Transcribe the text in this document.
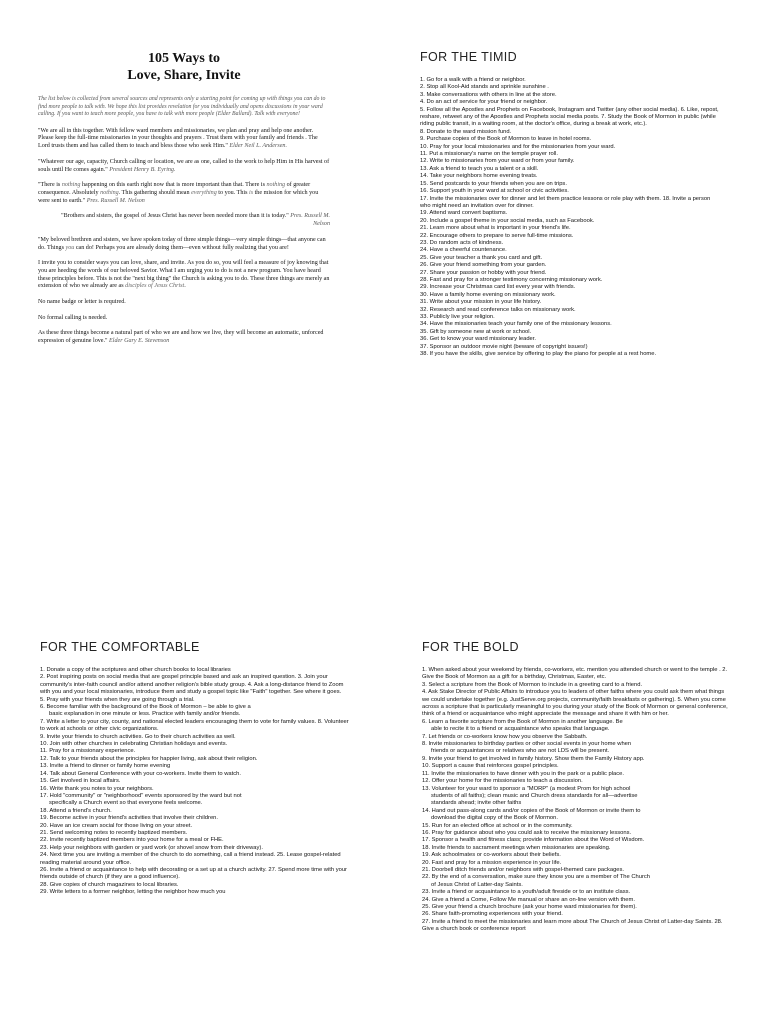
105 Ways to
Love, Share, Invite

The list below is collected from several sources and represents only a starting point for coming up with things you can do to find more people to talk with. We hope this list provides revelation for you individually and opens discussions in your ward calling. If you want to teach more people, you have to talk with more people (Elder Ballard). Talk with everyone!

"We are all in this together. With fellow ward members and missionaries, we plan and pray and help one another. Please keep the full-time missionaries in your thoughts and prayers . Trust them with your family and friends . The Lord trusts them and has called them to teach and bless those who seek Him." Elder Neil L. Andersen.

"Whatever our age, capacity, Church calling or location, we are as one, called to the work to help Him in His harvest of souls until He comes again." President Henry B. Eyring.

"There is nothing happening on this earth right now that is more important than that. There is nothing of greater consequence. Absolutely nothing. This gathering should mean everything to you. This is the mission for which you were sent to earth." Pres. Russell M. Nelson

"Brothers and sisters, the gospel of Jesus Christ has never been needed more than it is today." Pres. Russell M. Nelson

"My beloved brethren and sisters, we have spoken today of three simple things—very simple things—that anyone can do. Things you can do! Perhaps you are already doing them—even without fully realizing that you are!

I invite you to consider ways you can love, share, and invite. As you do so, you will feel a measure of joy knowing that you are heeding the words of our beloved Savior. What I am urging you to do is not a new program. You have heard these principles before. This is not the "next big thing" the Church is asking you to do. These three things are merely an extension of who we already are as disciples of Jesus Christ.

No name badge or letter is required.

No formal calling is needed.

As these three things become a natural part of who we are and how we live, they will become an automatic, unforced expression of genuine love." Elder Gary E. Stevenson

FOR THE TIMID
1. Go for a walk with a friend or neighbor.
2. Stop all Kool-Aid stands and sprinkle sunshine .
3. Make conversations with others in line at the store.
4. Do an act of service for your friend or neighbor.
5. Follow all the Apostles and Prophets on Facebook, Instagram and Twitter (any other social media). 6. Like, repost, reshare, retweet any of the Apostles and Prophets social media posts. 7. Study the Book of Mormon in public (while riding public transit, in a waiting room, at the doctor's office, during a break at work, etc.).
8. Donate to the ward mission fund.
9. Purchase copies of the Book of Mormon to leave in hotel rooms.
10. Pray for your local missionaries and for the missionaries from your ward.
11. Put a missionary's name on the temple prayer roll.
12. Write to missionaries from your ward or from your family.
13. Ask a friend to teach you a talent or a skill.
14. Take your neighbors home evening treats.
15. Send postcards to your friends when you are on trips.
16. Support youth in your ward at school or civic activities.
17. Invite the missionaries over for dinner and let them practice lessons or role play with them. 18. Invite a person who might need an invitation over for dinner.
19. Attend ward convert baptisms.
20. Include a gospel theme in your social media, such as Facebook.
21. Learn more about what is important in your friend's life.
22. Encourage others to prepare to serve full-time missions.
23. Do random acts of kindness.
24. Have a cheerful countenance.
25. Give your teacher a thank you card and gift.
26. Give your friend something from your garden.
27. Share your passion or hobby with your friend.
28. Fast and pray for a stronger testimony concerning missionary work.
29. Increase your Christmas card list every year with friends.
30. Have a family home evening on missionary work.
31. Write about your mission in your life history.
32. Research and read conference talks on missionary work.
33. Publicly live your religion.
34. Have the missionaries teach your family one of the missionary lessons.
35. Gift by someone new at work or school.
36. Get to know your ward missionary leader.
37. Sponsor an outdoor movie night (beware of copyright issues!)
38. If you have the skills, give service by offering to play the piano for people at a rest home.
FOR THE COMFORTABLE
1. Donate a copy of the scriptures and other church books to local libraries
2. Post inspiring posts on social media that are gospel principle based and ask an inspired question. 3. Join your community's inter-faith council and/or attend another religion's bible study group. 4. Ask a long-distance friend to Zoom with you and your local missionaries, introduce them and study a gospel topic like "Faith" together. See where it goes.
5. Pray with your friends when they are going through a trial.
6. Become familiar with the background of the Book of Mormon – be able to give a
basic explanation in one minute or less. Practice with family and/or friends.
7. Write a letter to your city, county, and national elected leaders encouraging them to vote for family values. 8. Volunteer to work at schools or other civic organizations.
9. Invite your friends to church activities. Go to their church activities as well.
10. Join with other churches in celebrating Christian holidays and events.
11. Pray for a missionary experience.
12. Talk to your friends about the principles for happier living, ask about their religion.
13. Invite a friend to dinner or family home evening
14. Talk about General Conference with your co-workers. Invite them to watch.
15. Get involved in local affairs.
16. Write thank you notes to your neighbors.
17. Hold "community" or "neighborhood" events sponsored by the ward but not
specifically a Church event so that everyone feels welcome.
18. Attend a friend's church.
19. Become active in your friend's activities that involve their children.
20. Have an ice cream social for those living on your street.
21. Send welcoming notes to recently baptized members.
22. Invite recently baptized members into your home for a meal or FHE.
23. Help your neighbors with garden or yard work (or shovel snow from their driveway).
24. Next time you are inviting a member of the church to do something, call a friend instead. 25. Lease gospel-related reading material around your office.
26. Invite a friend or acquaintance to help with decorating or a set up at a church activity. 27. Spend more time with your friends outside of church (if they are a good influence).
28. Give copies of church magazines to local libraries.
29. Write letters to a former neighbor, letting the neighbor how much you
FOR THE BOLD
1. When asked about your weekend by friends, co-workers, etc. mention you attended church or went to the temple . 2. Give the Book of Mormon as a gift for a birthday, Christmas, Easter, etc.
3. Select a scripture from the Book of Mormon to include in a greeting card to a friend.
4. Ask Stake Director of Public Affairs to introduce you to leaders of other faiths where you could ask them what things we could undertake together (e.g. JustServe.org projects, community/faith breakfasts or gathering). 5. When you come across a scripture that is particularly meaningful to you during your study of the Book of Mormon or general conference, think of a friend or acquaintance who might appreciate the message and share it with him or her.
6. Learn a favorite scripture from the Book of Mormon in another language. Be
able to recite it to a friend or acquaintance who speaks that language.
7. Let friends or co-workers know how you observe the Sabbath.
8. Invite missionaries to birthday parties or other social events in your home when
friends or acquaintances or relatives who are not LDS will be present.
9. Invite your friend to get involved in family history. Show them the Family History app.
10. Support a cause that reinforces gospel principles.
11. Invite the missionaries to have dinner with you in the park or a public place.
12. Offer your home for the missionaries to teach a discussion.
13. Volunteer for your ward to sponsor a "MORP" (a modest Prom for high school
students of all faiths); clean music and Church dress standards for all—advertise
standards ahead; invite other faiths
14. Hand out pass-along cards and/or copies of the Book of Mormon or invite them to
download the digital copy of the Book of Mormon.
15. Run for an elected office at school or in the community.
16. Pray for guidance about who you could ask to receive the missionary lessons.
17. Sponsor a health and fitness class; provide information about the Word of Wisdom.
18. Invite friends to sacrament meetings when missionaries are speaking.
19. Ask schoolmates or co-workers about their beliefs.
20. Fast and pray for a mission experience in your life.
21. Doorbell ditch friends and/or neighbors with gospel-themed care packages.
22. By the end of a conversation, make sure they know you are a member of The Church
of Jesus Christ of Latter-day Saints.
23. Invite a friend or acquaintance to a youth/adult fireside or to an institute class.
24. Give a friend a Come, Follow Me manual or share an on-line version with them.
25. Give your friend a church brochure (ask your home ward missionaries for them).
26. Share faith-promoting experiences with your friend.
27. Invite a friend to meet the missionaries and learn more about The Church of Jesus Christ of Latter-day Saints. 28. Give a church book or conference report
